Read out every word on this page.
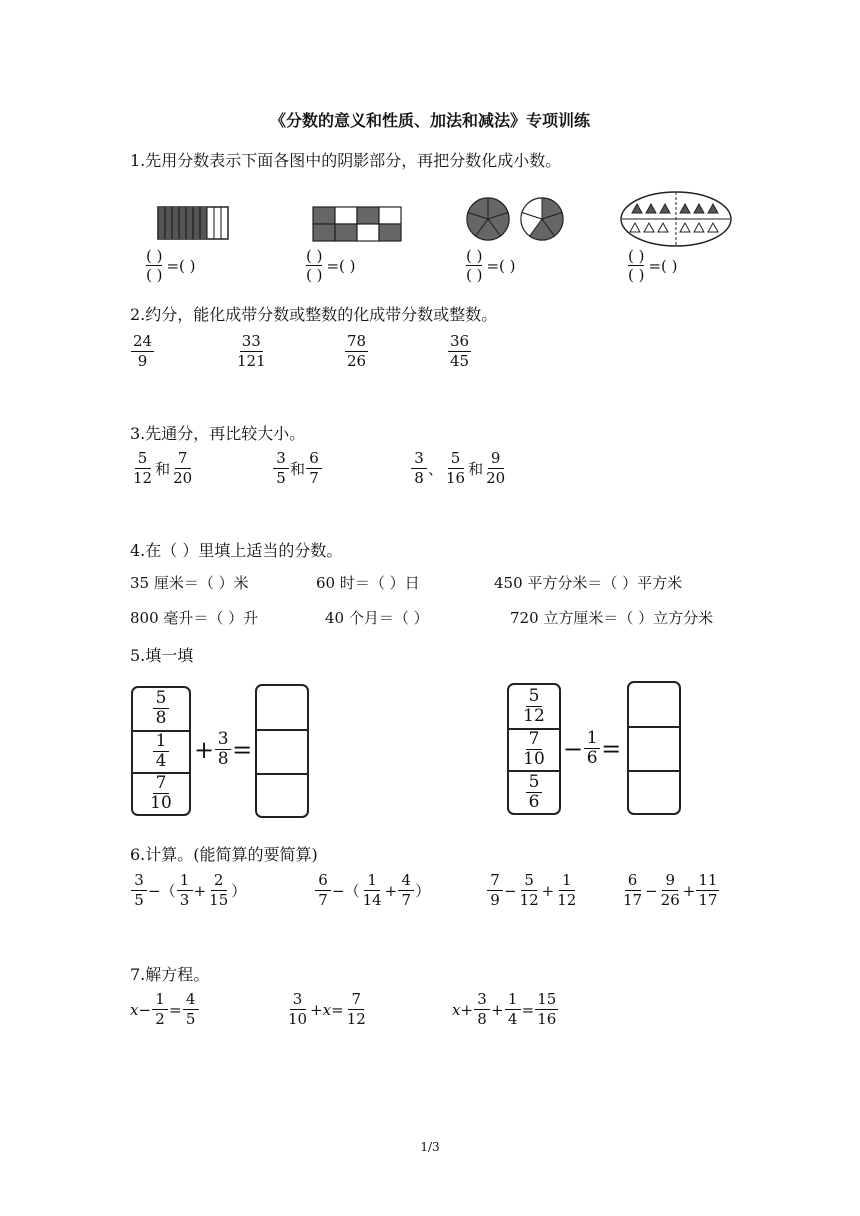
《分数的意义和性质、加法和减法》专项训练
1.先用分数表示下面各图中的阴影部分，再把分数化成小数。
( )
( )
=( )
( )
( )
=( )
( )
( )
=( )
( )
( )
=( )
2.约分，能化成带分数或整数的化成带分数或整数。
$\frac{24}{9}$	$\frac{33}{121}$	$\frac{78}{26}$	$\frac{36}{45}$
3.先通分，再比较大小。
5
12 和
7
20
3
5 和
6
7
3
8 、
5
16 和
9
20
4.在（ ）里填上适当的分数。
35 厘米＝（ ）米	60 时＝（ ）日	450 平方分米＝（ ）平方米
800 毫升＝（ ）升	40 个月＝（ ）	720 立方厘米＝（ ）立方分米
5.填一填
5
8
1
4
7
10
+ $\frac{3}{8}$ =
5
12
7
10
5
6
− $\frac{1}{6}$ =
6.计算。(能简算的要简算)
3
5 −（
1
3
+ $\frac{2}{15}$ ）
6
7 −（
1
14
+ $\frac{4}{7}$ ）
7
9
− $\frac{5}{12} + \frac{1}{12}$	6
17
− $\frac{9}{26} + \frac{11}{17}$
7.解方程。
$x - \frac{1}{2} = \frac{4}{5}$	3
10
+ $x = \frac{7}{12}$	$x + \frac{3}{8} + \frac{1}{4} = \frac{15}{16}$
1/3
